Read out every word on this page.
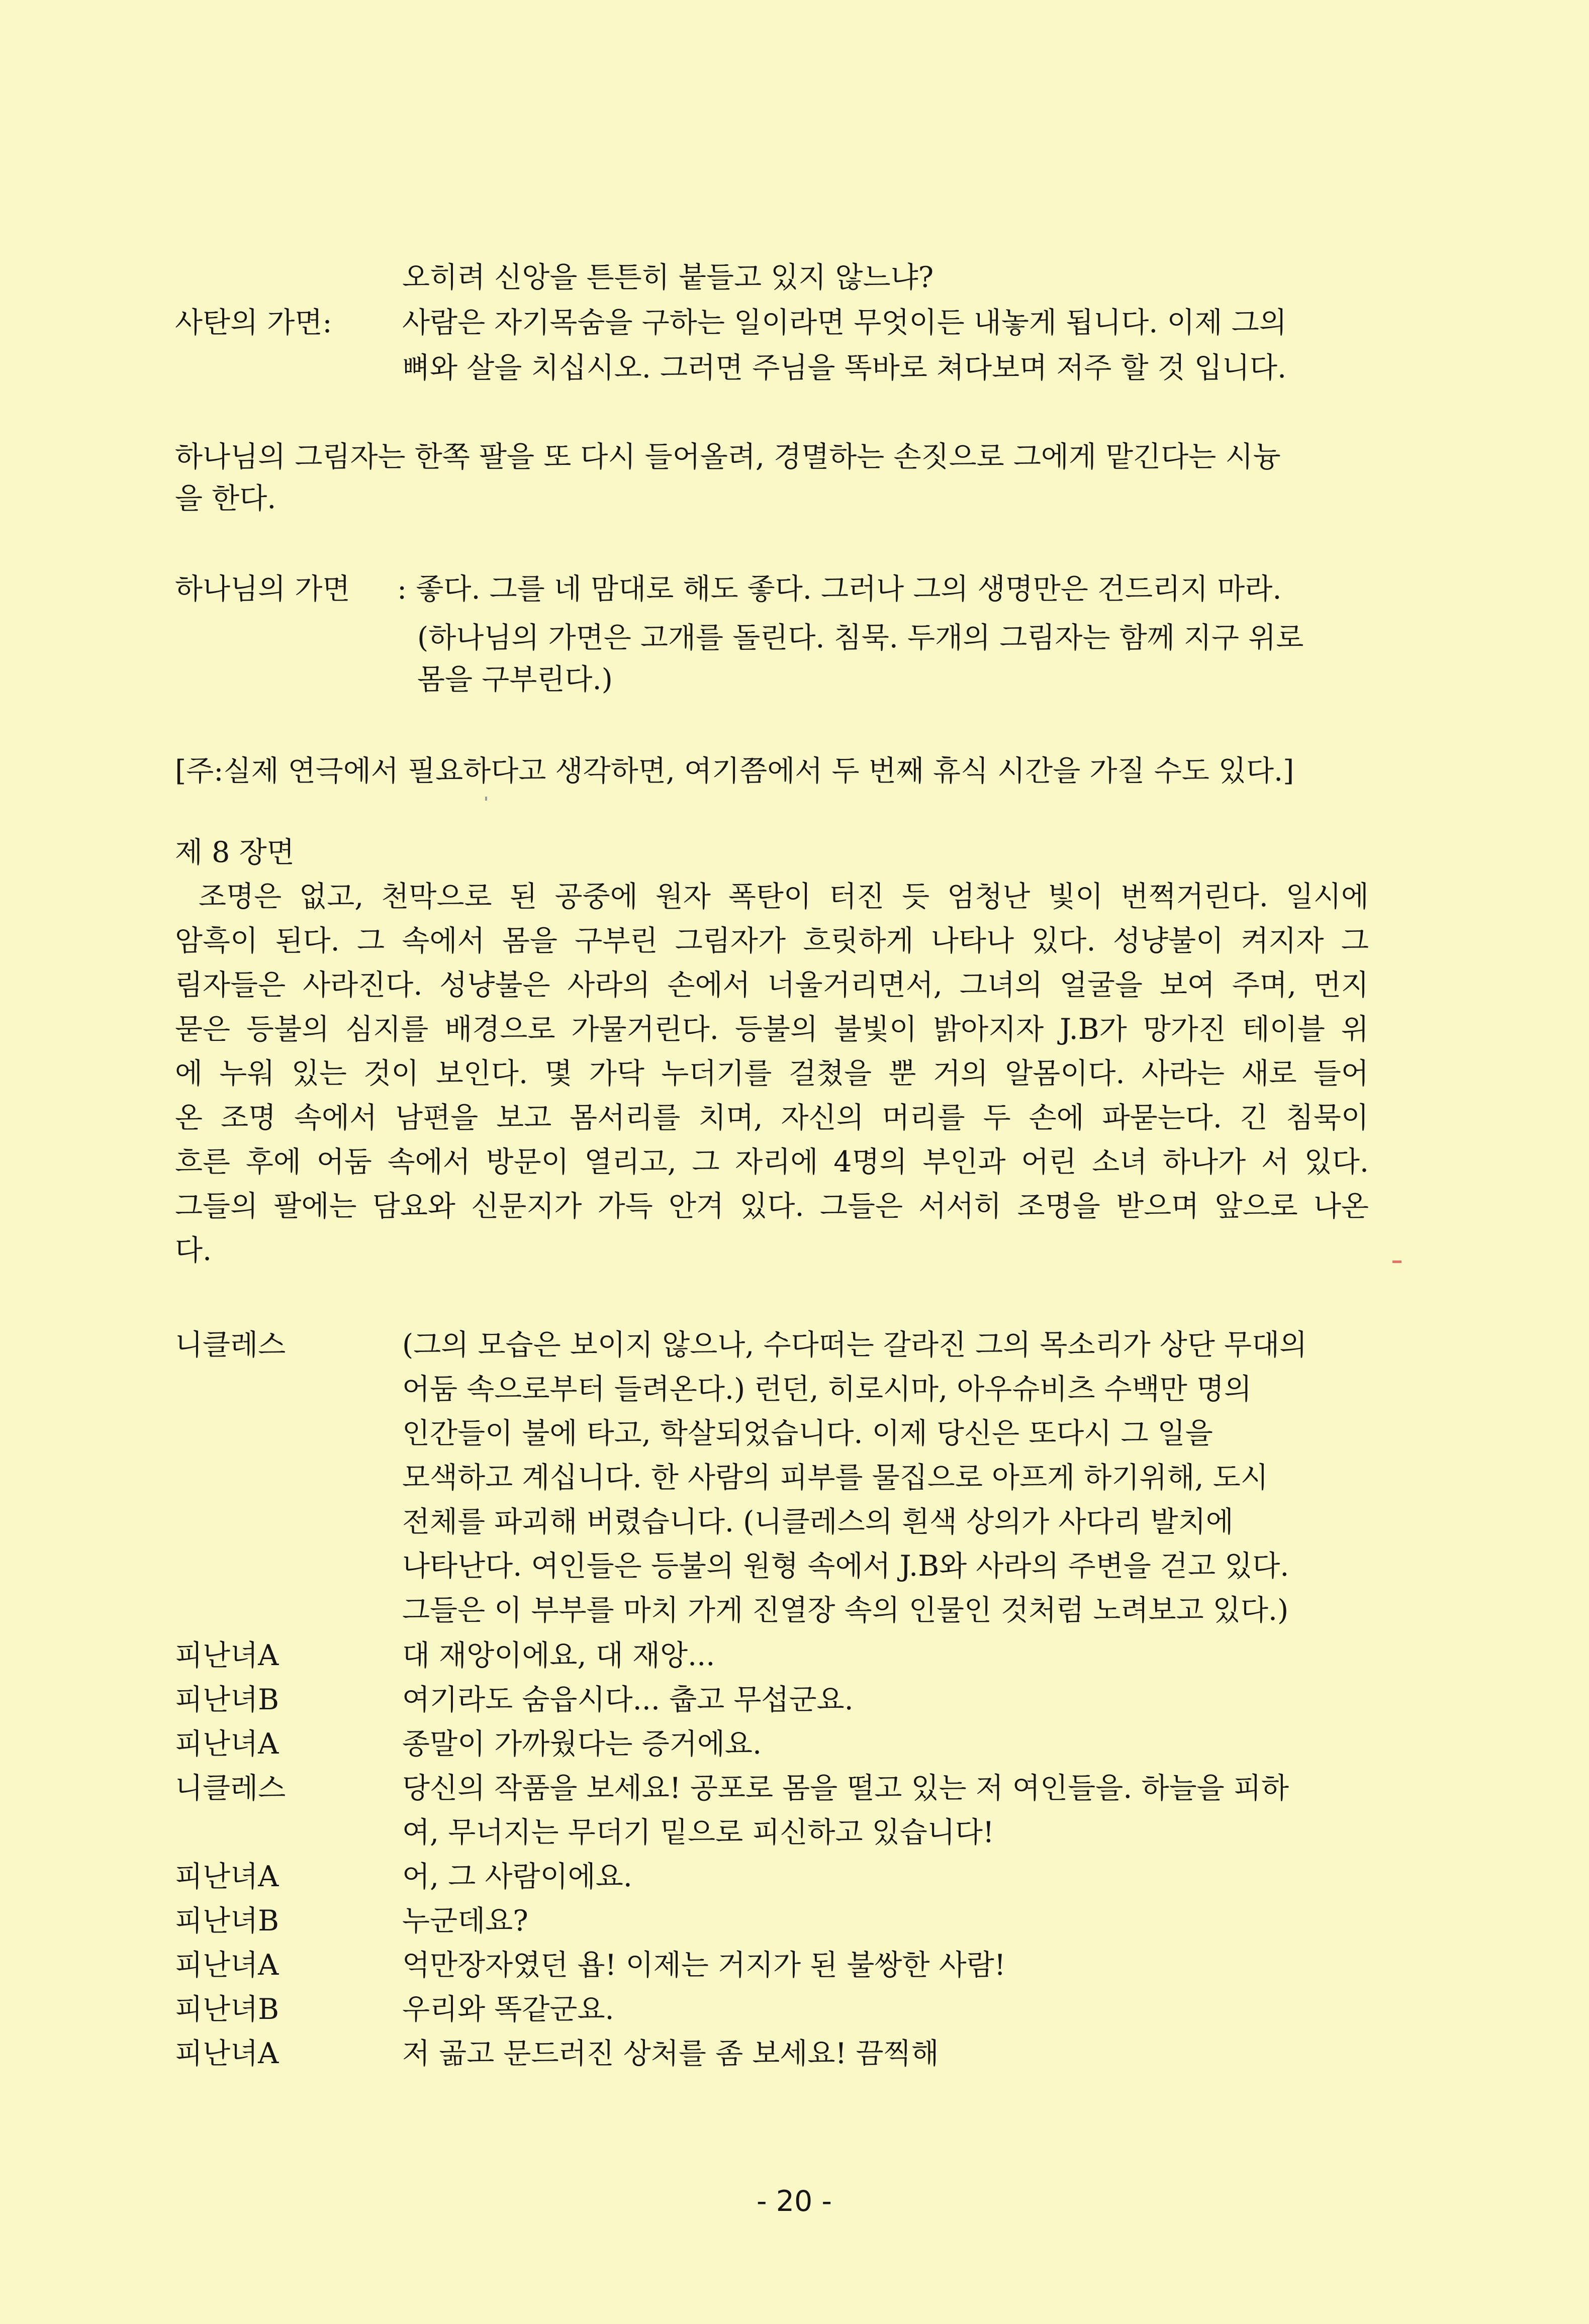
오히려 신앙을 튼튼히 붙들고 있지 않느냐?
사탄의 가면: 사람은 자기목숨을 구하는 일이라면 무엇이든 내놓게 됩니다. 이제 그의
뼈와 살을 치십시오. 그러면 주님을 똑바로 쳐다보며 저주 할 것 입니다.
하나님의 그림자는 한쪽 팔을 또 다시 들어올려, 경멸하는 손짓으로 그에게 맡긴다는 시늉
을 한다.
하나님의 가면 : 좋다. 그를 네 맘대로 해도 좋다. 그러나 그의 생명만은 건드리지 마라.
(하나님의 가면은 고개를 돌린다. 침묵. 두개의 그림자는 함께 지구 위로
몸을 구부린다.)
[주:실제 연극에서 필요하다고 생각하면, 여기쯤에서 두 번째 휴식 시간을 가질 수도 있다.]
제 8 장면
조명은 없고, 천막으로 된 공중에 원자 폭탄이 터진 듯 엄청난 빛이 번쩍거린다. 일시에
암흑이 된다. 그 속에서 몸을 구부린 그림자가 흐릿하게 나타나 있다. 성냥불이 켜지자 그
림자들은 사라진다. 성냥불은 사라의 손에서 너울거리면서, 그녀의 얼굴을 보여 주며, 먼지
묻은 등불의 심지를 배경으로 가물거린다. 등불의 불빛이 밝아지자 J.B가 망가진 테이블 위
에 누워 있는 것이 보인다. 몇 가닥 누더기를 걸쳤을 뿐 거의 알몸이다. 사라는 새로 들어
온 조명 속에서 남편을 보고 몸서리를 치며, 자신의 머리를 두 손에 파묻는다. 긴 침묵이
흐른 후에 어둠 속에서 방문이 열리고, 그 자리에 4명의 부인과 어린 소녀 하나가 서 있다.
그들의 팔에는 담요와 신문지가 가득 안겨 있다. 그들은 서서히 조명을 받으며 앞으로 나온
다.
니클레스	(그의 모습은 보이지 않으나, 수다떠는 갈라진 그의 목소리가 상단 무대의
어둠 속으로부터 들려온다.) 런던, 히로시마, 아우슈비츠 수백만 명의
인간들이 불에 타고, 학살되었습니다. 이제 당신은 또다시 그 일을
모색하고 계십니다. 한 사람의 피부를 물집으로 아프게 하기위해, 도시
전체를 파괴해 버렸습니다. (니클레스의 흰색 상의가 사다리 발치에
나타난다. 여인들은 등불의 원형 속에서 J.B와 사라의 주변을 걷고 있다.
그들은 이 부부를 마치 가게 진열장 속의 인물인 것처럼 노려보고 있다.)
피난녀A	대 재앙이에요, 대 재앙...
피난녀B	여기라도 숨읍시다... 춥고 무섭군요.
피난녀A	종말이 가까웠다는 증거에요.
니클레스	당신의 작품을 보세요! 공포로 몸을 떨고 있는 저 여인들을. 하늘을 피하
여, 무너지는 무더기 밑으로 피신하고 있습니다!
피난녀A	어, 그 사람이에요.
피난녀B	누군데요?
피난녀A	억만장자였던 욥! 이제는 거지가 된 불쌍한 사람!
피난녀B	우리와 똑같군요.
피난녀A	저 곪고 문드러진 상처를 좀 보세요! 끔찍해
- 20 -
